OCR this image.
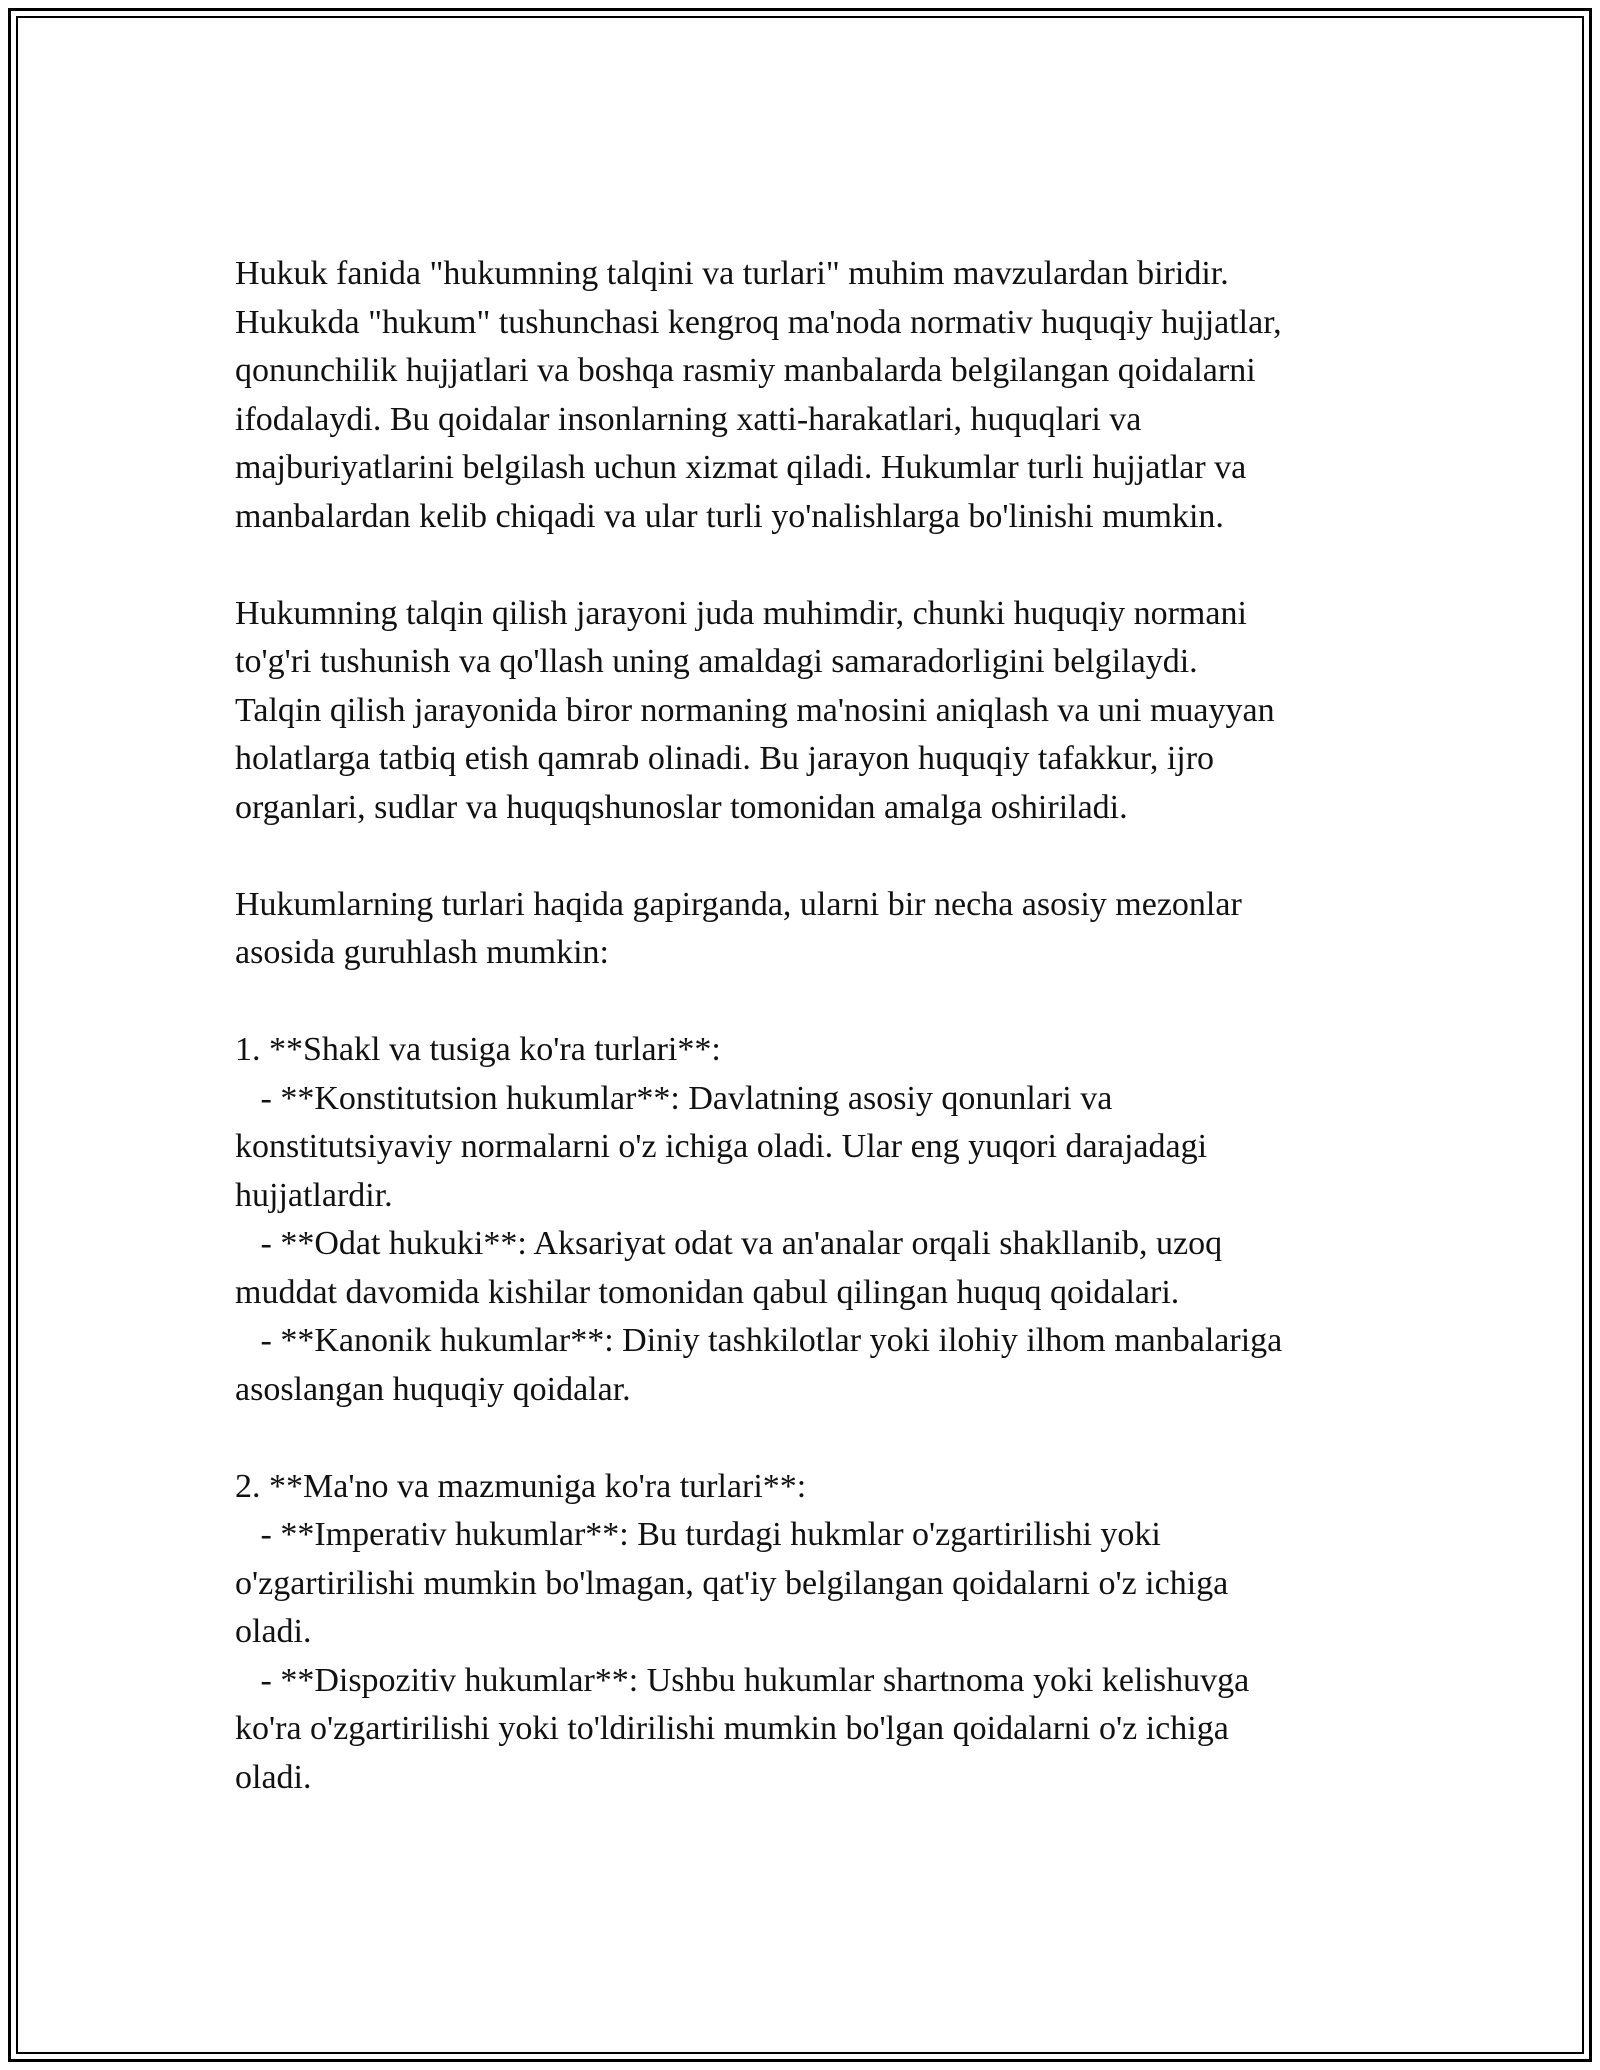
Hukuk fanida "hukumning talqini va turlari" muhim mavzulardan biridir.
Hukukda "hukum" tushunchasi kengroq ma'noda normativ huquqiy hujjatlar,
qonunchilik hujjatlari va boshqa rasmiy manbalarda belgilangan qoidalarni
ifodalaydi. Bu qoidalar insonlarning xatti-harakatlari, huquqlari va
majburiyatlarini belgilash uchun xizmat qiladi. Hukumlar turli hujjatlar va
manbalardan kelib chiqadi va ular turli yo'nalishlarga bo'linishi mumkin.
Hukumning talqin qilish jarayoni juda muhimdir, chunki huquqiy normani
to'g'ri tushunish va qo'llash uning amaldagi samaradorligini belgilaydi.
Talqin qilish jarayonida biror normaning ma'nosini aniqlash va uni muayyan
holatlarga tatbiq etish qamrab olinadi. Bu jarayon huquqiy tafakkur, ijro
organlari, sudlar va huquqshunoslar tomonidan amalga oshiriladi.
Hukumlarning turlari haqida gapirganda, ularni bir necha asosiy mezonlar
asosida guruhlash mumkin:
1. **Shakl va tusiga ko'ra turlari**:
- **Konstitutsion hukumlar**: Davlatning asosiy qonunlari va
konstitutsiyaviy normalarni o'z ichiga oladi. Ular eng yuqori darajadagi
hujjatlardir.
- **Odat hukuki**: Aksariyat odat va an'analar orqali shakllanib, uzoq
muddat davomida kishilar tomonidan qabul qilingan huquq qoidalari.
- **Kanonik hukumlar**: Diniy tashkilotlar yoki ilohiy ilhom manbalariga
asoslangan huquqiy qoidalar.
2. **Ma'no va mazmuniga ko'ra turlari**:
- **Imperativ hukumlar**: Bu turdagi hukmlar o'zgartirilishi yoki
o'zgartirilishi mumkin bo'lmagan, qat'iy belgilangan qoidalarni o'z ichiga
oladi.
- **Dispozitiv hukumlar**: Ushbu hukumlar shartnoma yoki kelishuvga
ko'ra o'zgartirilishi yoki to'ldirilishi mumkin bo'lgan qoidalarni o'z ichiga
oladi.
